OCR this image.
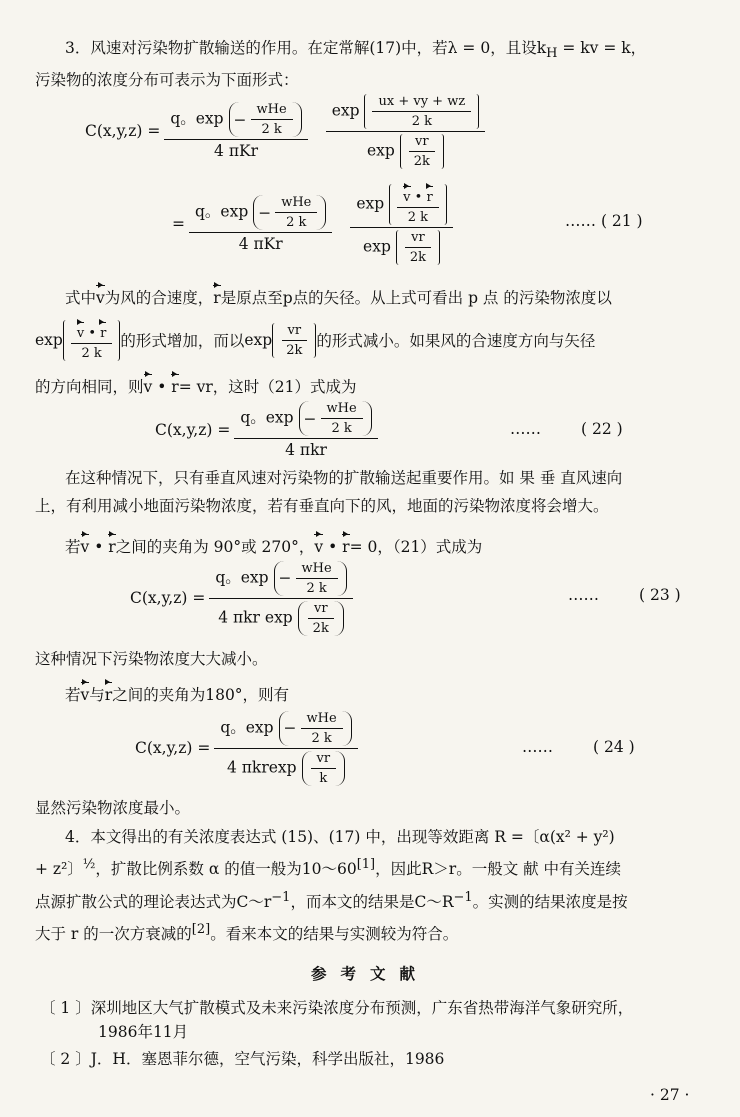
3．风速对污染物扩散输送的作用。在定常解(17)中，若λ = 0，且设$k_H$ = kv = k，
污染物的浓度分布可表示为下面形式：
$C(x,y,z) = \frac{q。\exp - \frac{\text{wHe}}{2 k}}{\text{4 πKr}} \frac{\exp \frac{ux + vy + wz}{2 k}}{\exp \frac{vr}{2k}}$
= $\frac{q。\exp - \frac{\text{wHe}}{2 k}}{\text{4 πKr}} \frac{\exp \frac{v • r}{2 k}}{\exp \frac{vr}{2k}}$	…… ( 21 )
式中v为风的合速度，r是原点至p点的矢径。从上式可看出 p 点 的污染物浓度以
$\exp \frac{v • r}{2 k}$ 的形式增加，而以 $\exp \frac{vr}{2k}$ 的形式减小。如果风的合速度方向与矢径
的方向相同，则v • r= vr，这时（21）式成为
$C(x,y,z) = \frac{q。\exp - \frac{\text{wHe}}{2 k}}{\text{4 πkr}}$	……	( 22 )
在这种情况下，只有垂直风速对污染物的扩散输送起重要作用。如 果 垂 直风速向
上，有利用减小地面污染物浓度，若有垂直向下的风，地面的污染物浓度将会增大。
若v • r之间的夹角为 90°或 270°，v • r= 0，（21）式成为
$C(x,y,z) = \frac{q。\exp - \frac{\text{wHe}}{2 k}}{4 \pi kr \exp \frac{vr}{2k}}$	……	( 23 )
这种情况下污染物浓度大大减小。
若v与r之间的夹角为180°，则有
$C(x,y,z) = \frac{q。\exp - \frac{\text{wHe}}{2 k}}{4 \pi krexp \frac{vr}{k}}$	……	( 24 )
显然污染物浓度最小。
4．本文得出的有关浓度表达式 (15)、(17) 中，出现等效距离 R =〔α(x² + y²)
+ z²〕$^{\frac{1}{2}}$，扩散比例系数 α 的值一般为10～60[1]，因此R＞r。一般文 献 中有关连续
点源扩散公式的理论表达式为$C\sim r^{-1}$，而本文的结果是$C\sim R^{-1}$。实测的结果浓度是按
大于 r 的一次方衰减的[2]。看来本文的结果与实测较为符合。
参考文献
〔 1 〕深圳地区大气扩散模式及未来污染浓度分布预测，广东省热带海洋气象研究所，
1986年11月
〔 2 〕J．H．塞恩菲尔德，空气污染，科学出版社，1986
· 27 ·
